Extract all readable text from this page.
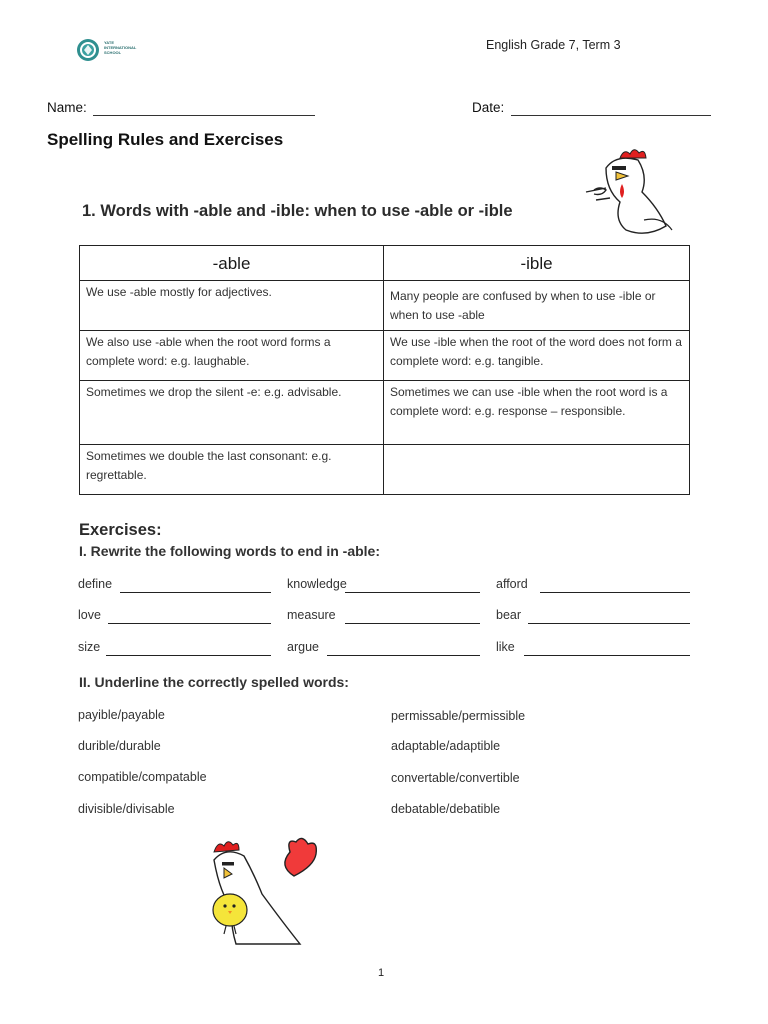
YATE INTERNATIONAL SCHOOL
English Grade 7, Term 3
Name:	Date:
Spelling Rules and Exercises
1. Words with -able and -ible: when to use -able or -ible
-able	-ible
We use -able mostly for adjectives.	Many people are confused by when to use -ible or when to use -able
We also use -able when the root word forms a complete word: e.g. laughable.	We use -ible when the root of the word does not form a complete word: e.g. tangible.
Sometimes we drop the silent -e: e.g. advisable.	Sometimes we can use -ible when the root word is a complete word: e.g. response – responsible.
Sometimes we double the last consonant: e.g. regrettable.	
Exercises:
I. Rewrite the following words to end in -able:
define	knowledge	afford
love	measure	bear
size	argue	like
II. Underline the correctly spelled words:
payible/payable
durible/durable
compatible/compatable
divisible/divisable
permissable/permissible
adaptable/adaptible
convertable/convertible
debatable/debatible
1
